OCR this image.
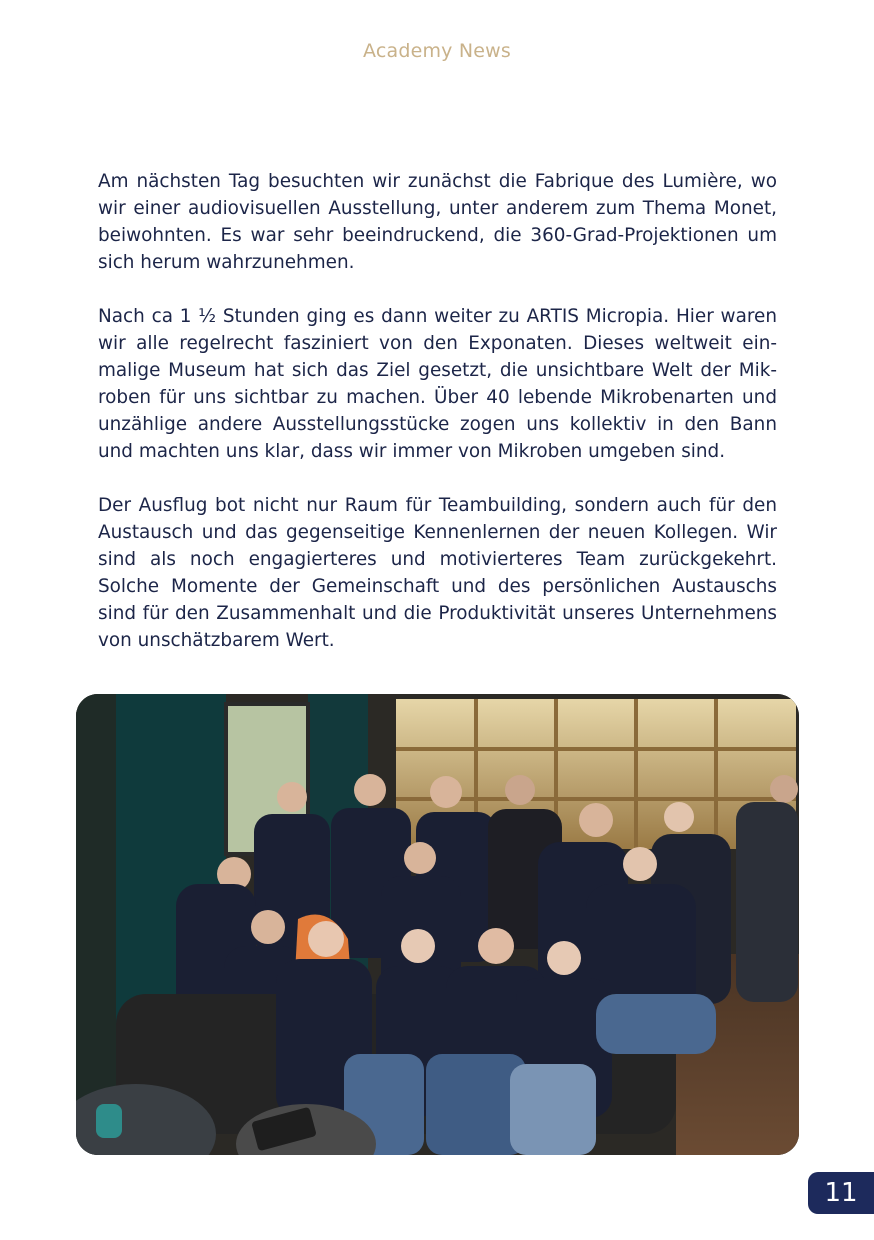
Academy News

Am nächsten Tag besuchten wir zunächst die Fabrique des Lumière, wo wir einer audiovisuellen Ausstellung, unter anderem zum Thema Monet, beiwohnten. Es war sehr beeindruckend, die 360-Grad-Projektionen um sich herum wahrzunehmen.

Nach ca 1 ½ Stunden ging es dann weiter zu ARTIS Micropia. Hier waren wir alle regelrecht fasziniert von den Exponaten. Dieses weltweit einmalige Museum hat sich das Ziel gesetzt, die unsichtbare Welt der Mikroben für uns sichtbar zu machen. Über 40 lebende Mikrobenarten und unzählige andere Ausstellungsstücke zogen uns kollektiv in den Bann und machten uns klar, dass wir immer von Mikroben umgeben sind.

Der Ausflug bot nicht nur Raum für Teambuilding, sondern auch für den Austausch und das gegenseitige Kennenlernen der neuen Kollegen. Wir sind als noch engagierteres und motivierteres Team zurückgekehrt. Solche Momente der Gemeinschaft und des persönlichen Austauschs sind für den Zusammenhalt und die Produktivität unseres Unternehmens von unschätzbarem Wert.

11
